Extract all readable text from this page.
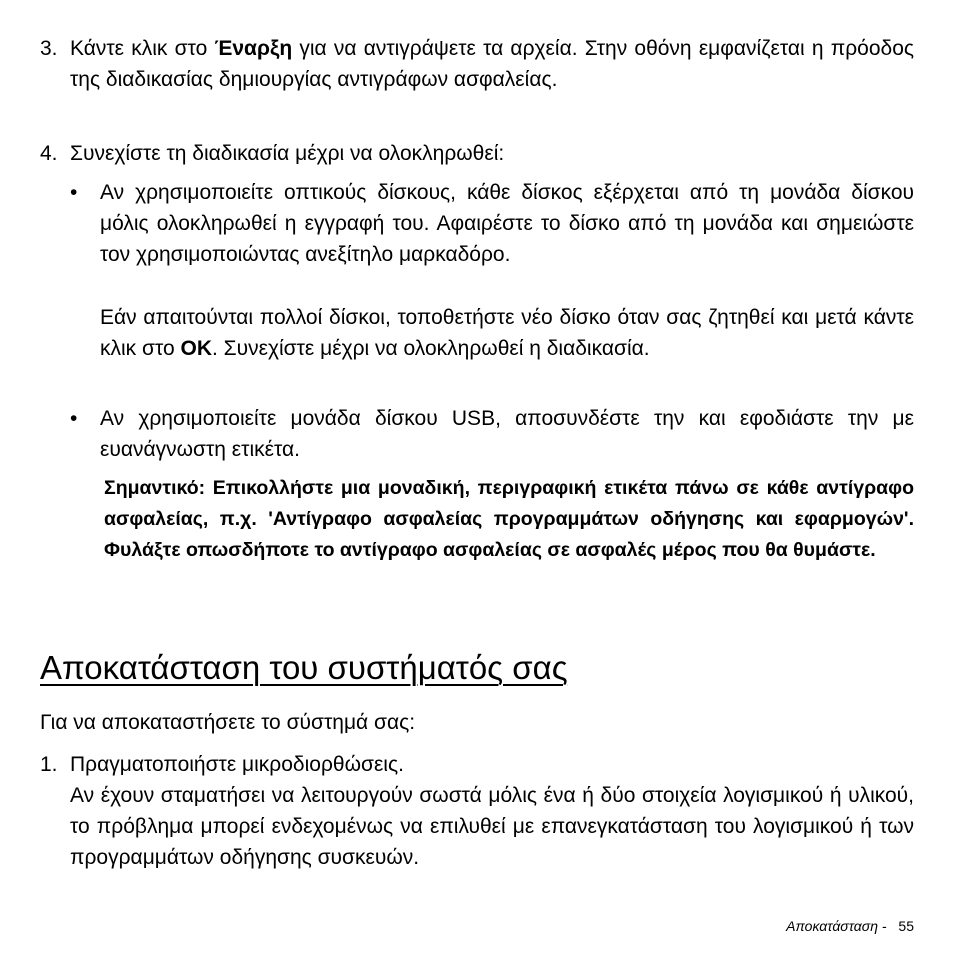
3. Κάντε κλικ στο Έναρξη για να αντιγράψετε τα αρχεία. Στην οθόνη εμφανίζεται η πρόοδος της διαδικασίας δημιουργίας αντιγράφων ασφαλείας.
4. Συνεχίστε τη διαδικασία μέχρι να ολοκληρωθεί:
• Αν χρησιμοποιείτε οπτικούς δίσκους, κάθε δίσκος εξέρχεται από τη μονάδα δίσκου μόλις ολοκληρωθεί η εγγραφή του. Αφαιρέστε το δίσκο από τη μονάδα και σημειώστε τον χρησιμοποιώντας ανεξίτηλο μαρκαδόρο.
Εάν απαιτούνται πολλοί δίσκοι, τοποθετήστε νέο δίσκο όταν σας ζητηθεί και μετά κάντε κλικ στο OK. Συνεχίστε μέχρι να ολοκληρωθεί η διαδικασία.
• Αν χρησιμοποιείτε μονάδα δίσκου USB, αποσυνδέστε την και εφοδιάστε την με ευανάγνωστη ετικέτα.
Σημαντικό: Επικολλήστε μια μοναδική, περιγραφική ετικέτα πάνω σε κάθε αντίγραφο ασφαλείας, π.χ. 'Αντίγραφο ασφαλείας προγραμμάτων οδήγησης και εφαρμογών'. Φυλάξτε οπωσδήποτε το αντίγραφο ασφαλείας σε ασφαλές μέρος που θα θυμάστε.
Αποκατάσταση του συστήματός σας
Για να αποκαταστήσετε το σύστημά σας:
1. Πραγματοποιήστε μικροδιορθώσεις.
Αν έχουν σταματήσει να λειτουργούν σωστά μόλις ένα ή δύο στοιχεία λογισμικού ή υλικού, το πρόβλημα μπορεί ενδεχομένως να επιλυθεί με επανεγκατάσταση του λογισμικού ή των προγραμμάτων οδήγησης συσκευών.
Αποκατάσταση - 55
